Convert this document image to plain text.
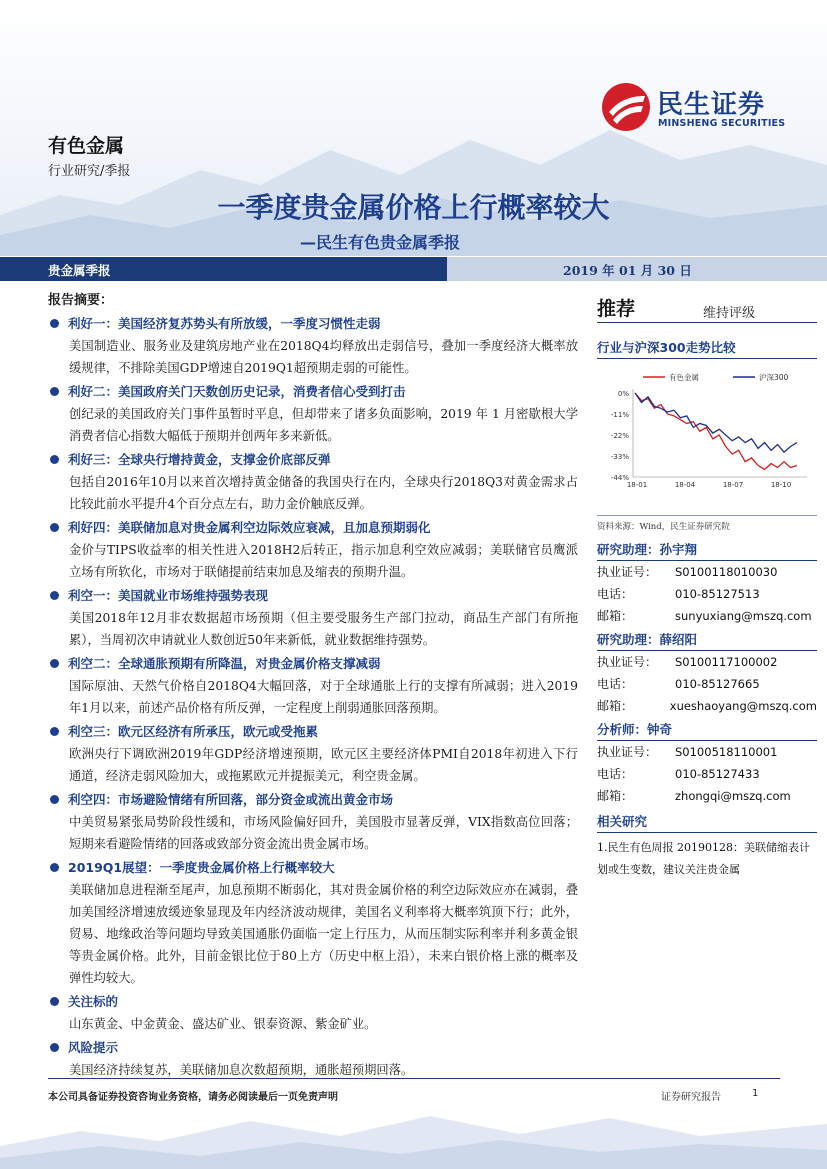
有色金属
行业研究/季报
民生证券
MINSHENG SECURITIES
一季度贵金属价格上行概率较大
—民生有色贵金属季报
贵金属季报	2019 年 01 月 30 日
报告摘要：
利好一：美国经济复苏势头有所放缓，一季度习惯性走弱
美国制造业、服务业及建筑房地产业在2018Q4均释放出走弱信号，叠加一季度经济大概率放缓规律，不排除美国GDP增速自2019Q1超预期走弱的可能性。
利好二：美国政府关门天数创历史记录，消费者信心受到打击
创纪录的美国政府关门事件虽暂时平息，但却带来了诸多负面影响，2019 年 1 月密歇根大学消费者信心指数大幅低于预期并创两年多来新低。
利好三：全球央行增持黄金，支撑金价底部反弹
包括自2016年10月以来首次增持黄金储备的我国央行在内，全球央行2018Q3对黄金需求占比较此前水平提升4个百分点左右，助力金价触底反弹。
利好四：美联储加息对贵金属利空边际效应衰减，且加息预期弱化
金价与TIPS收益率的相关性进入2018H2后转正，指示加息利空效应减弱；美联储官员鹰派立场有所软化，市场对于联储提前结束加息及缩表的预期升温。
利空一：美国就业市场维持强势表现
美国2018年12月非农数据超市场预期（但主要受服务生产部门拉动，商品生产部门有所拖累），当周初次申请就业人数创近50年来新低，就业数据维持强势。
利空二：全球通胀预期有所降温，对贵金属价格支撑减弱
国际原油、天然气价格自2018Q4大幅回落，对于全球通胀上行的支撑有所减弱；进入2019年1月以来，前述产品价格有所反弹，一定程度上削弱通胀回落预期。
利空三：欧元区经济有所承压，欧元或受拖累
欧洲央行下调欧洲2019年GDP经济增速预期，欧元区主要经济体PMI自2018年初进入下行通道，经济走弱风险加大，或拖累欧元并提振美元，利空贵金属。
利空四：市场避险情绪有所回落，部分资金或流出黄金市场
中美贸易紧张局势阶段性缓和，市场风险偏好回升，美国股市显著反弹，VIX指数高位回落；短期来看避险情绪的回落或致部分资金流出贵金属市场。
2019Q1展望：一季度贵金属价格上行概率较大
美联储加息进程渐至尾声，加息预期不断弱化，其对贵金属价格的利空边际效应亦在减弱，叠加美国经济增速放缓迹象显现及年内经济波动规律，美国名义利率将大概率筑顶下行；此外，贸易、地缘政治等问题均导致美国通胀仍面临一定上行压力，从而压制实际利率并利多黄金银等贵金属价格。此外，目前金银比位于80上方（历史中枢上沿），未来白银价格上涨的概率及弹性均较大。
关注标的
山东黄金、中金黄金、盛达矿业、银泰资源、紫金矿业。
风险提示
美国经济持续复苏，美联储加息次数超预期，通胀超预期回落。
推荐	维持评级
行业与沪深300走势比较
有色金属	沪深300
0%
-11%
-22%
-33%
-44%
18-01	18-04	18-07	18-10
资料来源：Wind，民生证券研究院
研究助理：孙宇翔
执业证号：	S0100118010030
电话：	010-85127513
邮箱：	sunyuxiang@mszq.com
研究助理：薛绍阳
执业证号：	S0100117100002
电话：	010-85127665
邮箱：	xueshaoyang@mszq.com
分析师：钟奇
执业证号：	S0100518110001
电话：	010-85127433
邮箱：	zhongqi@mszq.com
相关研究
1.民生有色周报 20190128：美联储缩表计划或生变数，建议关注贵金属
本公司具备证券投资咨询业务资格，请务必阅读最后一页免责声明	证券研究报告	1
